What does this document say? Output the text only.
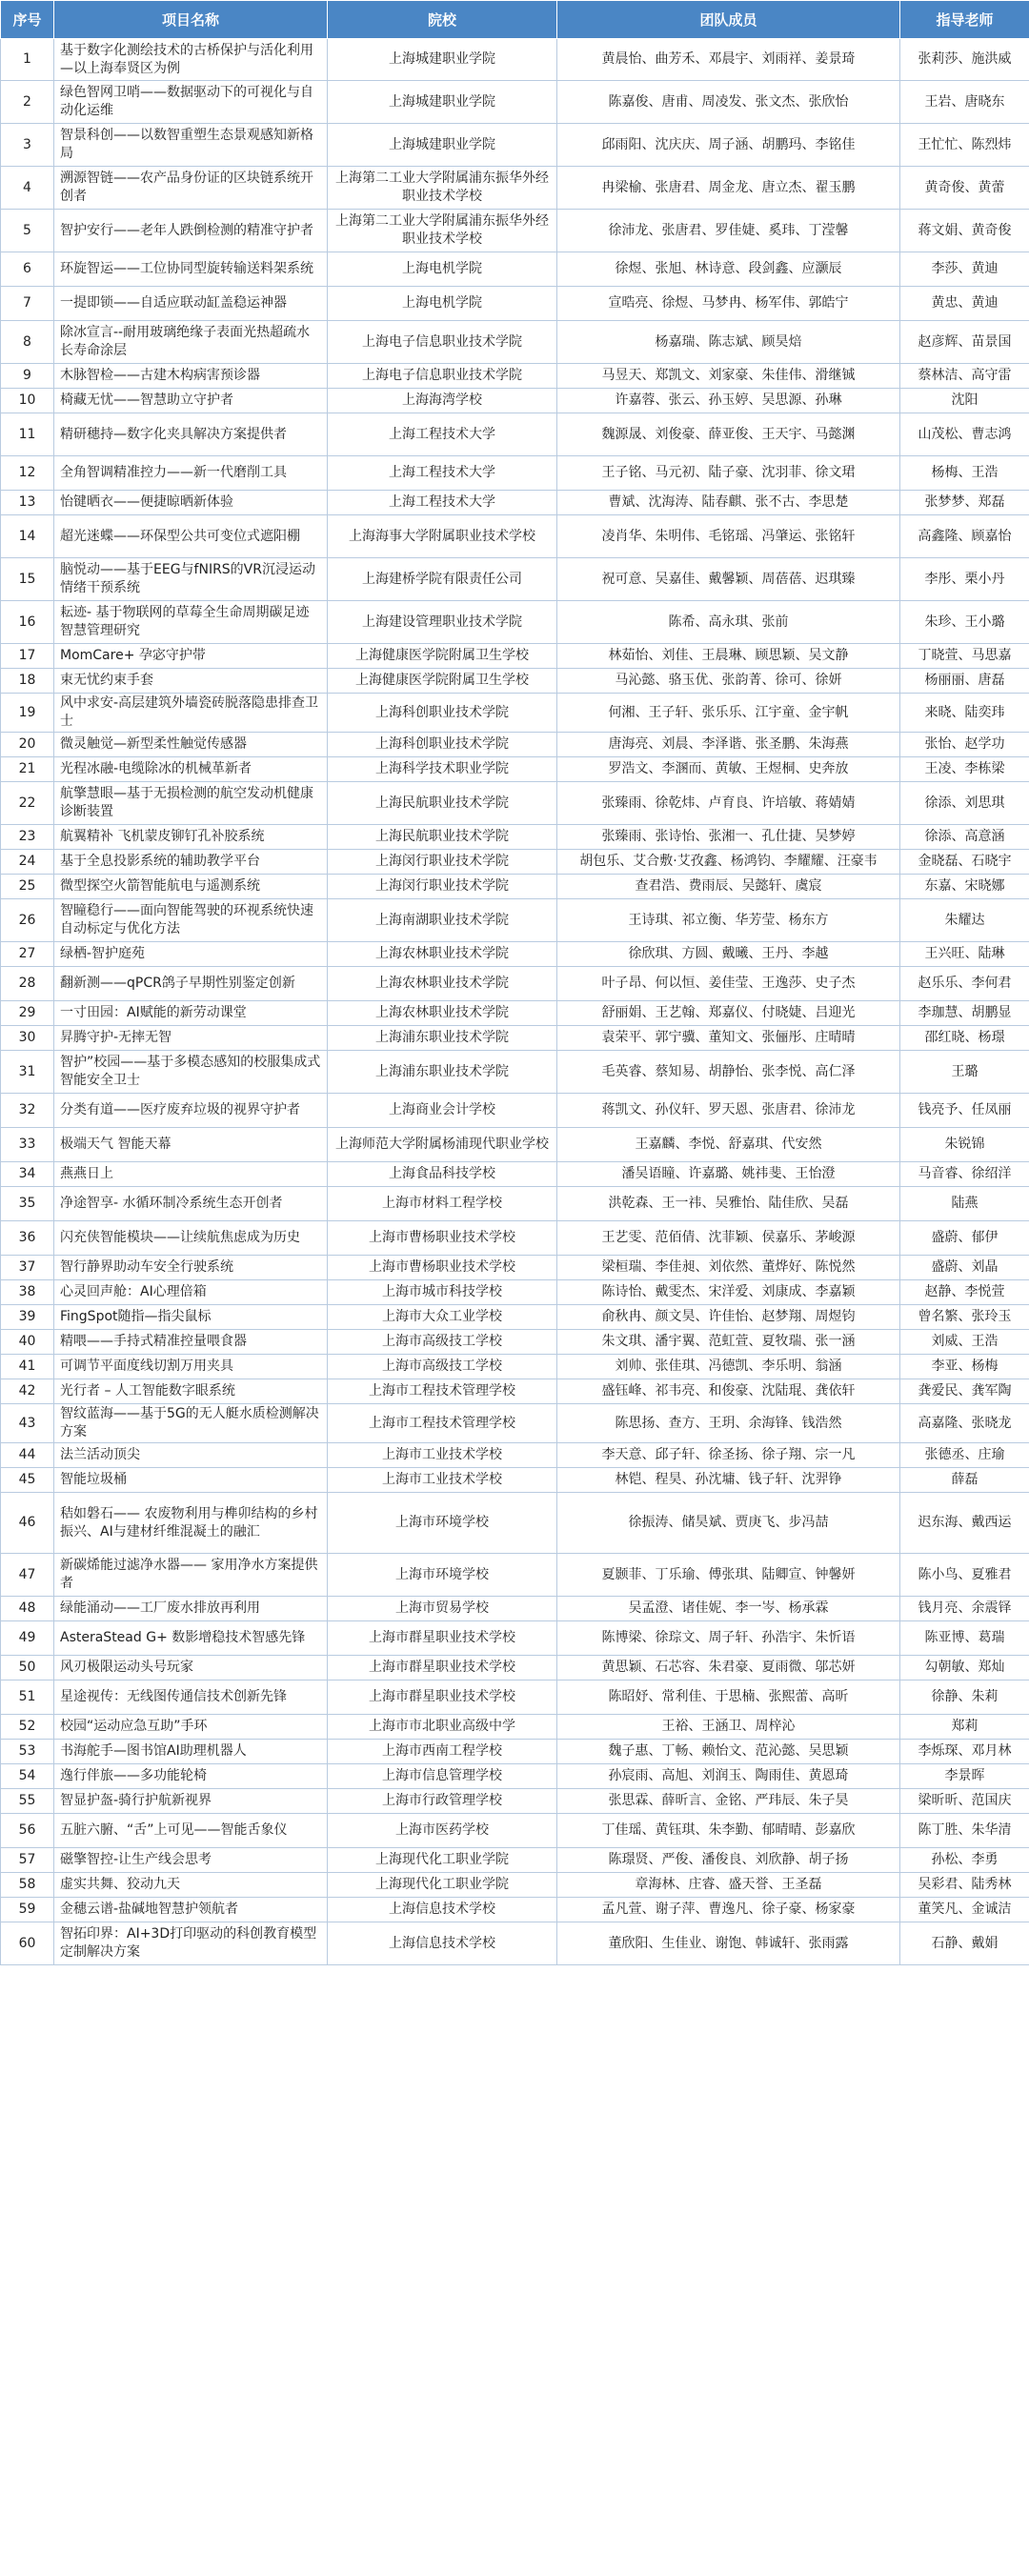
序号	项目名称	院校	团队成员	指导老师
1	基于数字化测绘技术的古桥保护与活化利用 —以上海奉贤区为例	上海城建职业学院	黄晨怡、曲芳禾、邓晨宇、刘雨祥、姜景琦	张莉莎、施洪威
2	绿色智网卫哨——数据驱动下的可视化与自动化运维	上海城建职业学院	陈嘉俊、唐甫、周凌发、张文杰、张欣怡	王岩、唐晓东
3	智景科创——以数智重塑生态景观感知新格局	上海城建职业学院	邱雨阳、沈庆庆、周子涵、胡鹏玛、李铭佳	王忙忙、陈烈炜
4	溯源智链——农产品身份证的区块链系统开创者	上海第二工业大学附属浦东振华外经职业技术学校	冉梁榆、张唐君、周金龙、唐立杰、翟玉鹏	黄奇俊、黄蕾
5	智护安行——老年人跌倒检测的精准守护者	上海第二工业大学附属浦东振华外经职业技术学校	徐沛龙、张唐君、罗佳婕、奚玮、丁滢馨	蒋文娟、黄奇俊
6	环旋智运——工位协同型旋转输送料架系统	上海电机学院	徐煜、张旭、林诗意、段剑鑫、应灏辰	李莎、黄迪
7	一提即锁——自适应联动缸盖稳运神器	上海电机学院	宣晧亮、徐煜、马梦冉、杨军伟、郭皓宁	黄忠、黄迪
8	除冰宣言--耐用玻璃绝缘子表面光热超疏水长寿命涂层	上海电子信息职业技术学院	杨嘉瑞、陈志斌、顾昊焙	赵彦辉、苗景国
9	木脉智检——古建木构病害预诊器	上海电子信息职业技术学院	马昱天、郑凯文、刘家豪、朱佳伟、滑继铖	蔡林洁、高守雷
10	椅藏无忧——智慧助立守护者	上海海湾学校	许嘉蓉、张云、孙玉婷、吴思源、孙琳	沈阳
11	精研穗持—数字化夹具解决方案提供者	上海工程技术大学	魏源晟、刘俊豪、薛亚俊、王天宇、马懿渊	山茂松、曹志鸿
12	全角智调精准控力——新一代磨削工具	上海工程技术大学	王子铭、马元初、陆子豪、沈羽菲、徐文珺	杨梅、王浩
13	怡键晒衣——便捷晾晒新体验	上海工程技术大学	曹斌、沈海涛、陆春麒、张不古、李思楚	张梦梦、郑磊
14	超光迷蝶——环保型公共可变位式遮阳棚	上海海事大学附属职业技术学校	凌肖华、朱明伟、毛铭瑶、冯肇运、张铭轩	高鑫隆、顾嘉怡
15	脑悦动——基于EEG与fNIRS的VR沉浸运动情绪干预系统	上海建桥学院有限责任公司	祝可意、吴嘉佳、戴馨颖、周蓓蓓、迟琪臻	李彤、栗小丹
16	耘迹- 基于物联网的草莓全生命周期碳足迹智慧管理研究	上海建设管理职业技术学院	陈希、高永琪、张前	朱珍、王小璐
17	MomCare+ 孕宓守护带	上海健康医学院附属卫生学校	林茹怡、刘佳、王晨琳、顾思颖、吴文静	丁晓萱、马思嘉
18	束无忧约束手套	上海健康医学院附属卫生学校	马沁懿、骆玉优、张韵菁、徐可、徐妍	杨丽丽、唐磊
19	风中求安-高层建筑外墙瓷砖脱落隐患排查卫士	上海科创职业技术学院	何湘、王子轩、张乐乐、江宇童、金宇帆	来晓、陆奕玮
20	微灵触觉—新型柔性触觉传感器	上海科创职业技术学院	唐海亮、刘晨、李泽谐、张圣鹏、朱海燕	张怡、赵学功
21	光程冰融-电缆除冰的机械革新者	上海科学技术职业学院	罗浩文、李溷而、黄敏、王煜桐、史奔放	王凌、李栋梁
22	航擎慧眼—基于无损检测的航空发动机健康诊断装置	上海民航职业技术学院	张臻雨、徐乾炜、卢育良、许培敏、蒋婧婧	徐添、刘思琪
23	航翼精补 飞机蒙皮铆钉孔补胶系统	上海民航职业技术学院	张臻雨、张诗怡、张湘一、孔仕捷、吴梦婷	徐添、高意涵
24	基于全息投影系统的辅助教学平台	上海闵行职业技术学院	胡包乐、艾合敷·艾孜鑫、杨鸿钧、李耀耀、汪豪韦	金晓磊、石晓宇
25	微型探空火箭智能航电与遥测系统	上海闵行职业技术学院	查君浩、费雨辰、吴懿轩、虞宸	东嘉、宋晓娜
26	智瞳稳行——面向智能驾驶的环视系统快速自动标定与优化方法	上海南湖职业技术学院	王诗琪、祁立衡、华芳莹、杨东方	朱耀达
27	绿栖-智护庭苑	上海农林职业技术学院	徐欣琪、方圆、戴曦、王丹、李越	王兴旺、陆琳
28	翻新测——qPCR鸽子早期性别鉴定创新	上海农林职业技术学院	叶子昂、何以恒、姜佳莹、王逸莎、史子杰	赵乐乐、李何君
29	一寸田园：AI赋能的新劳动课堂	上海农林职业技术学院	舒丽娟、王艺翰、郑嘉仪、付晓婕、吕迎光	李珈慧、胡鹏显
30	昇腾守护-无摔无智	上海浦东职业技术学院	袁荣平、郭宁骥、董知文、张俪彤、庄晴晴	邵红晓、杨璟
31	智护”校园——基于多模态感知的校服集成式智能安全卫士	上海浦东职业技术学院	毛英睿、蔡知易、胡静怡、张李悦、高仁泽	王璐
32	分类有道——医疗废弃垃圾的视界守护者	上海商业会计学校	蒋凯文、孙仪轩、罗天恩、张唐君、徐沛龙	钱亮予、任凤丽
33	极端天气 智能天幕	上海师范大学附属杨浦现代职业学校	王嘉麟、李悦、舒嘉琪、代安然	朱锐锦
34	燕燕日上	上海食品科技学校	潘吴语瞳、许嘉璐、姚祎斐、王怡澄	马音睿、徐绍洋
35	净途智享- 水循环制冷系统生态开创者	上海市材料工程学校	洪乾森、王一祎、吴雅怡、陆佳欣、吴磊	陆燕
36	闪充侠智能模块——让续航焦虑成为历史	上海市曹杨职业技术学校	王艺雯、范佰倩、沈菲颖、侯嘉乐、茅峻源	盛蔚、郁伊
37	智行静界助动车安全行驶系统	上海市曹杨职业技术学校	梁桓瑞、李佳昶、刘依然、董烨好、陈悦然	盛蔚、刘晶
38	心灵回声舱：AI心理倍箱	上海市城市科技学校	陈诗怡、戴雯杰、宋洋爱、刘康成、李嘉颖	赵静、李悦萱
39	FingSpot随指—指尖鼠标	上海市大众工业学校	俞秋冉、颜文昊、许佳怡、赵梦翔、周煜钧	曾名繁、张玲玉
40	精喂——手持式精准控量喂食器	上海市高级技工学校	朱文琪、潘宇翼、范虹萱、夏牧瑞、张一涵	刘威、王浩
41	可调节平面度线切割万用夹具	上海市高级技工学校	刘帅、张佳琪、冯德凯、李乐明、翁涵	李亚、杨梅
42	光行者 – 人工智能数字眼系统	上海市工程技术管理学校	盛钰峰、祁韦亮、和俊豪、沈陆琨、龚依轩	龚爱民、龚军陶
43	智纹蓝海——基于5G的无人艇水质检测解决方案	上海市工程技术管理学校	陈思扬、查方、王玥、余海锋、钱浩然	高嘉隆、张晓龙
44	法兰活动顶尖	上海市工业技术学校	李天意、邱子轩、徐圣扬、徐子翔、宗一凡	张德丞、庄瑜
45	智能垃圾桶	上海市工业技术学校	林铠、程昊、孙沈墉、钱子轩、沈羿铮	薛磊
46	秸如磐石—— 农废物利用与榫卯结构的乡村振兴、AI与建材纤维混凝土的融汇	上海市环境学校	徐振涛、储昊斌、贾庚飞、步冯喆	迟东海、戴西运
47	新碳烯能过滤净水器—— 家用净水方案提供者	上海市环境学校	夏颢菲、丁乐瑜、傅张琪、陆卿宣、钟馨妍	陈小鸟、夏雅君
48	绿能涌动——工厂废水排放再利用	上海市贸易学校	吴孟澄、诸佳妮、李一岑、杨承霖	钱月亮、余震铎
49	AsteraStead G+ 数影增稳技术智感先锋	上海市群星职业技术学校	陈博梁、徐琮文、周子轩、孙浩宇、朱忻语	陈亚博、葛瑞
50	风刃极限运动头号玩家	上海市群星职业技术学校	黄思颖、石芯容、朱君豪、夏雨微、邬芯妍	勾朝敏、郑灿
51	星途视传：无线图传通信技术创新先锋	上海市群星职业技术学校	陈昭妤、常利佳、于思楠、张熙蕾、高昕	徐静、朱莉
52	校园“运动应急互助”手环	上海市市北职业高级中学	王裕、王涵卫、周梓沁	郑莉
53	书海舵手—图书馆AI助理机器人	上海市西南工程学校	魏子惠、丁畅、赖怡文、范沁懿、吴思颖	李烁琛、邓月林
54	逸行伴旅——多功能轮椅	上海市信息管理学校	孙宸雨、高旭、刘润玉、陶雨佳、黄恩琦	李景晖
55	智显护盔-骑行护航新视界	上海市行政管理学校	张思霖、薛昕言、金铭、严玮辰、朱子昊	梁昕昕、范国庆
56	五脏六腑、“舌”上可见——智能舌象仪	上海市医药学校	丁佳瑶、黄钰琪、朱李勤、郁晴晴、彭嘉欣	陈丁胜、朱华清
57	磁擎智控-让生产线会思考	上海现代化工职业学院	陈璟贤、严俊、潘俊良、刘欣静、胡子扬	孙松、李勇
58	虚实共舞、狡动九天	上海现代化工职业学院	章海林、庄睿、盛天誉、王圣磊	吴彩君、陆秀林
59	金穗云谱-盐碱地智慧护领航者	上海信息技术学校	孟凡萱、谢子萍、曹逸凡、徐子豪、杨家豪	董笑凡、金诚洁
60	智拓印界：AI+3D打印驱动的科创教育模型定制解决方案	上海信息技术学校	董欣阳、生佳业、谢饱、韩诚轩、张雨露	石静、戴娟
